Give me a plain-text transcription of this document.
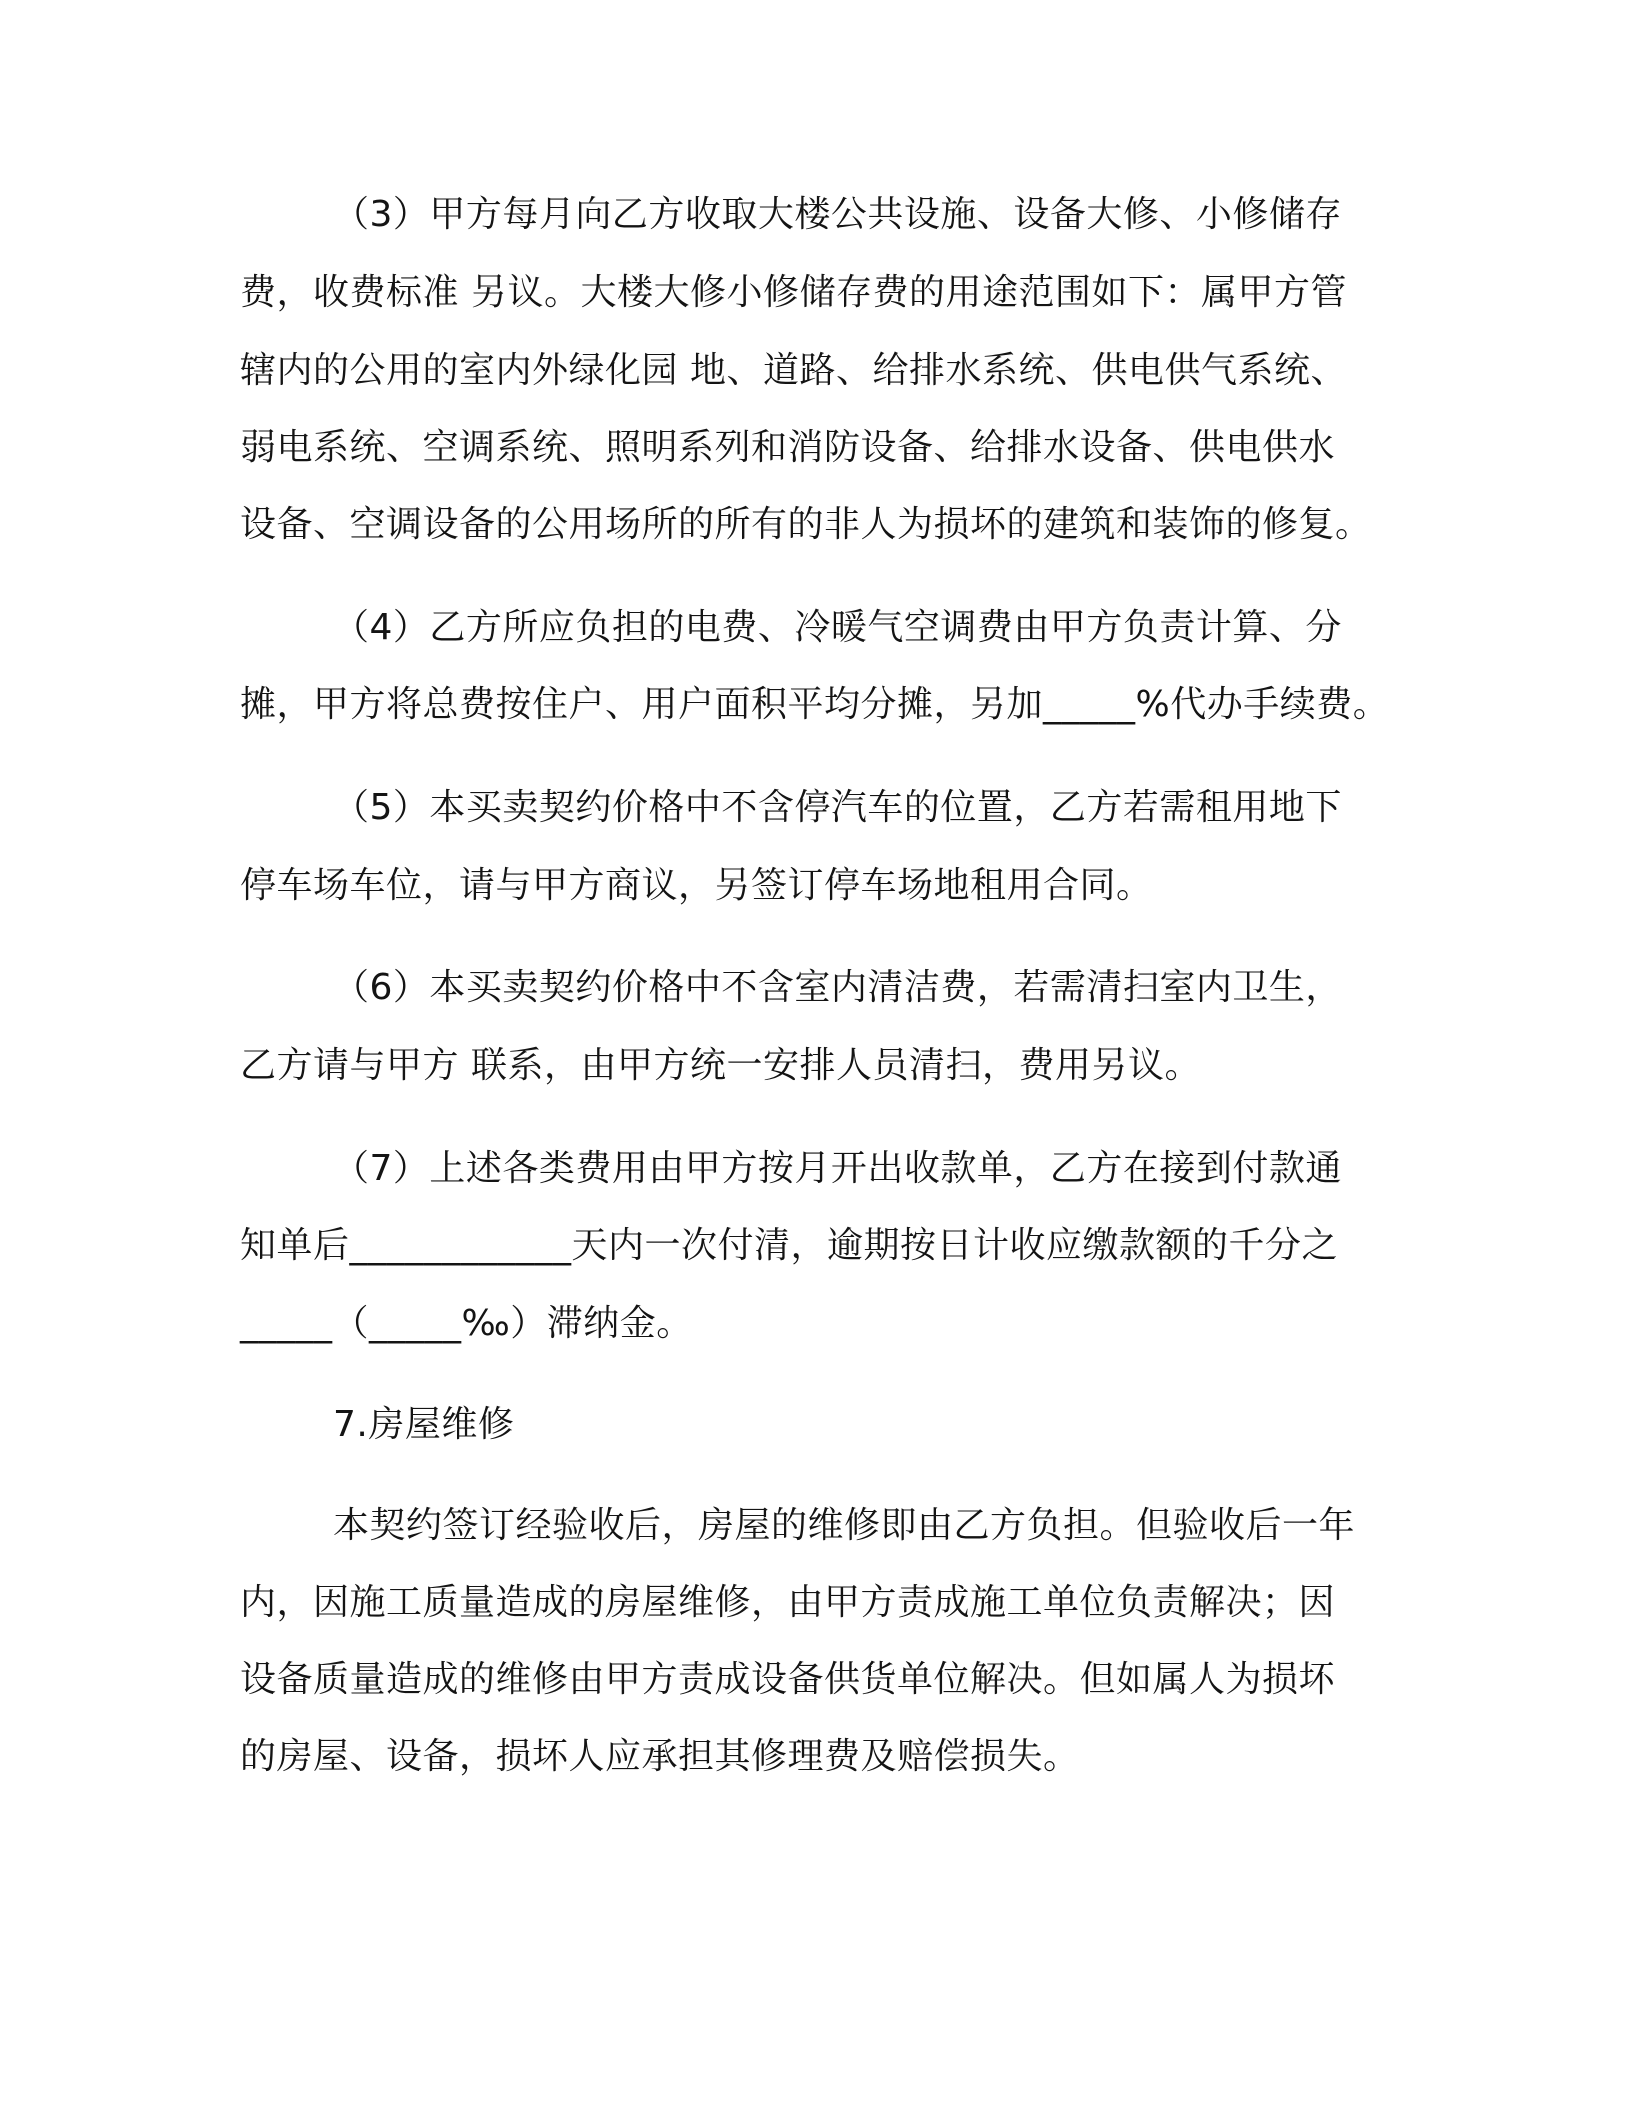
（3）甲方每月向乙方收取大楼公共设施、设备大修、小修储存

费，收费标准 另议。大楼大修小修储存费的用途范围如下：属甲方管

辖内的公用的室内外绿化园 地、道路、给排水系统、供电供气系统、

弱电系统、空调系统、照明系列和消防设备、给排水设备、供电供水

设备、空调设备的公用场所的所有的非人为损坏的建筑和装饰的修复。

（4）乙方所应负担的电费、冷暖气空调费由甲方负责计算、分

摊，甲方将总费按住户、用户面积平均分摊，另加_____%代办手续费。

（5）本买卖契约价格中不含停汽车的位置，乙方若需租用地下

停车场车位，请与甲方商议，另签订停车场地租用合同。

（6）本买卖契约价格中不含室内清洁费，若需清扫室内卫生，

乙方请与甲方 联系，由甲方统一安排人员清扫，费用另议。

（7）上述各类费用由甲方按月开出收款单，乙方在接到付款通

知单后____________天内一次付清，逾期按日计收应缴款额的千分之

_____（_____‰）滞纳金。

7.房屋维修

本契约签订经验收后，房屋的维修即由乙方负担。但验收后一年

内，因施工质量造成的房屋维修，由甲方责成施工单位负责解决；因

设备质量造成的维修由甲方责成设备供货单位解决。但如属人为损坏

的房屋、设备，损坏人应承担其修理费及赔偿损失。
